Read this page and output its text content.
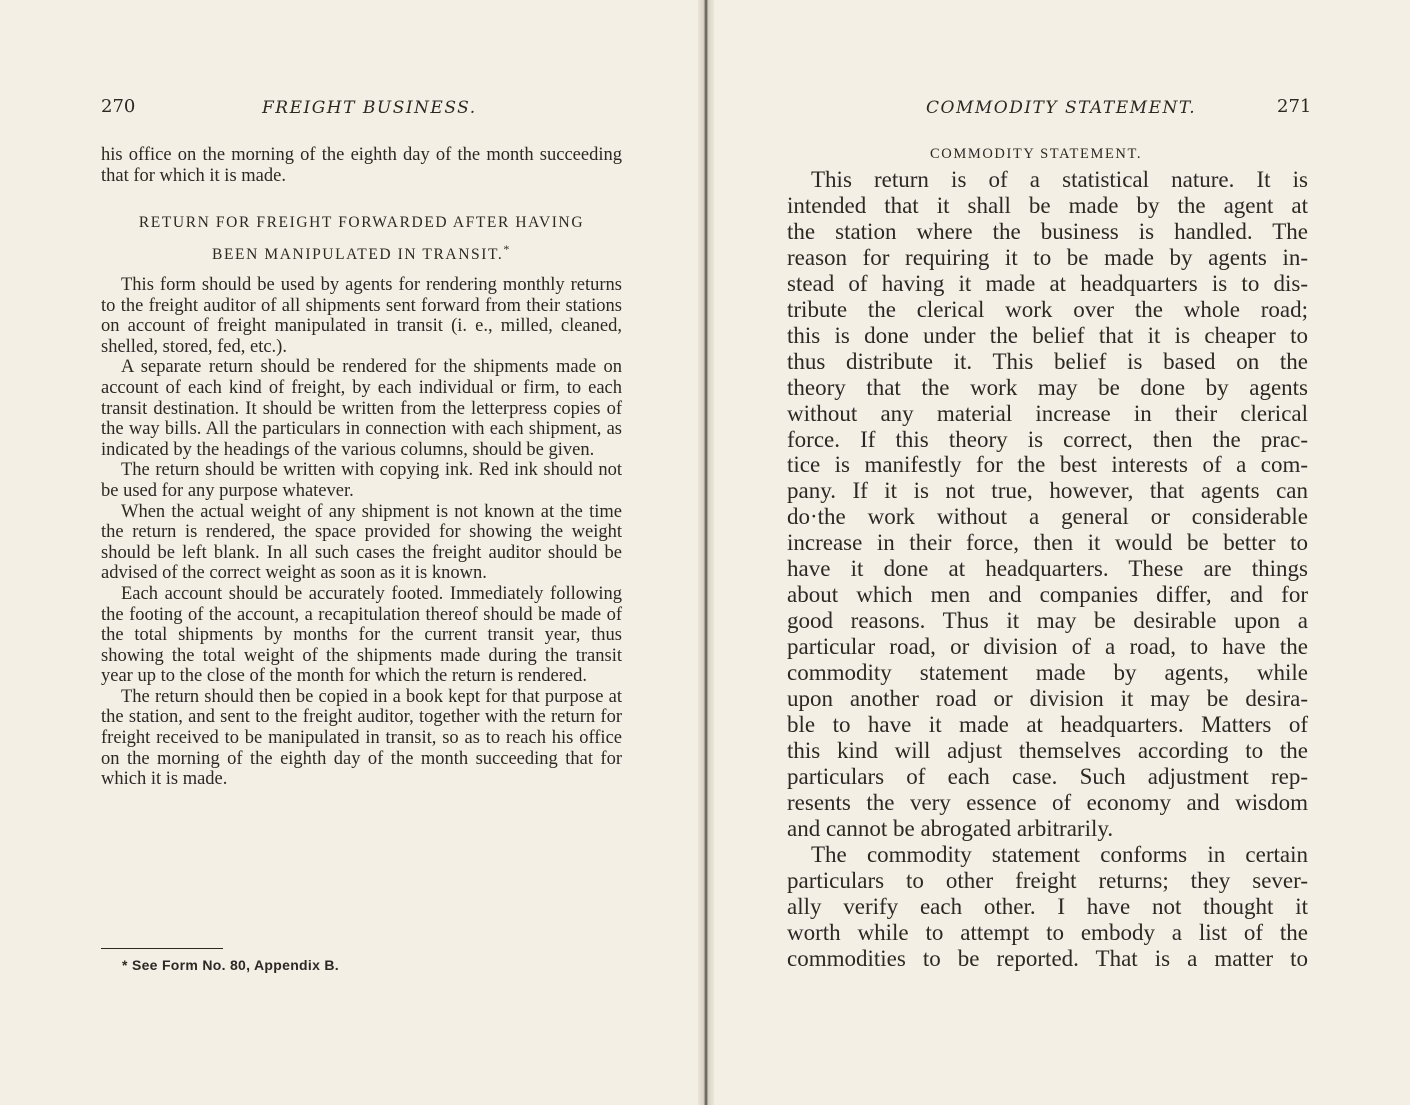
270	FREIGHT BUSINESS.

his office on the morning of the eighth day of the month succeeding that for which it is made.

RETURN FOR FREIGHT FORWARDED AFTER HAVING
BEEN MANIPULATED IN TRANSIT.*

This form should be used by agents for rendering monthly returns to the freight auditor of all shipments sent forward from their stations on account of freight manipulated in transit (i. e., milled, cleaned, shelled, stored, fed, etc.).

A separate return should be rendered for the shipments made on account of each kind of freight, by each individual or firm, to each transit destination. It should be written from the letterpress copies of the way bills. All the particulars in connection with each shipment, as indicated by the headings of the various columns, should be given.

The return should be written with copying ink. Red ink should not be used for any purpose whatever.

When the actual weight of any shipment is not known at the time the return is rendered, the space provided for showing the weight should be left blank. In all such cases the freight auditor should be advised of the correct weight as soon as it is known.

Each account should be accurately footed. Immediately following the footing of the account, a recapitulation thereof should be made of the total shipments by months for the current transit year, thus showing the total weight of the shipments made during the transit year up to the close of the month for which the return is rendered.

The return should then be copied in a book kept for that purpose at the station, and sent to the freight auditor, together with the return for freight received to be manipulated in transit, so as to reach his office on the morning of the eighth day of the month succeeding that for which it is made.

* See Form No. 80, Appendix B.
COMMODITY STATEMENT.	271
COMMODITY STATEMENT.
This return is of a statistical nature. It is
intended that it shall be made by the agent at
the station where the business is handled. The
reason for requiring it to be made by agents in-
stead of having it made at headquarters is to dis-
tribute the clerical work over the whole road;
this is done under the belief that it is cheaper to
thus distribute it. This belief is based on the
theory that the work may be done by agents
without any material increase in their clerical
force. If this theory is correct, then the prac-
tice is manifestly for the best interests of a com-
pany. If it is not true, however, that agents can
do·the work without a general or considerable
increase in their force, then it would be better to
have it done at headquarters. These are things
about which men and companies differ, and for
good reasons. Thus it may be desirable upon a
particular road, or division of a road, to have the
commodity statement made by agents, while
upon another road or division it may be desira-
ble to have it made at headquarters. Matters of
this kind will adjust themselves according to the
particulars of each case. Such adjustment rep-
resents the very essence of economy and wisdom
and cannot be abrogated arbitrarily.
The commodity statement conforms in certain
particulars to other freight returns; they sever-
ally verify each other. I have not thought it
worth while to attempt to embody a list of the
commodities to be reported. That is a matter to
